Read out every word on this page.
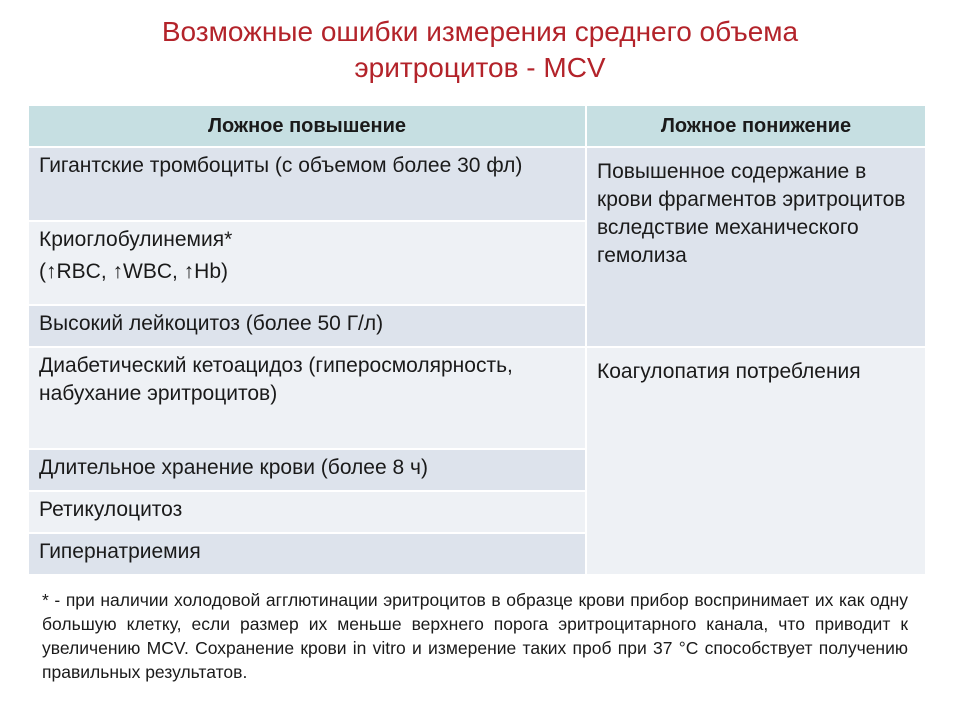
Возможные ошибки измерения среднего объема
эритроцитов - MCV
Ложное повышение	Ложное понижение
Гигантские тромбоциты (с объемом более 30 фл)	Повышенное содержание в крови фрагментов эритроцитов вследствие механического гемолиза
Криоглобулинемия*
(↑RBC, ↑WBC, ↑Hb)	

Высокий лейкоцитоз (более 50 Г/л)	
Диабетический кетоацидоз (гиперосмолярность, набухание эритроцитов)	Коагулопатия потребления
Длительное хранение крови (более 8 ч)	
Ретикулоцитоз	
Гипернатриемия	
* - при наличии холодовой агглютинации эритроцитов в образце крови прибор воспринимает их как одну большую клетку, если размер их меньше верхнего порога эритроцитарного канала, что приводит к увеличению MCV. Сохранение крови in vitro и измерение таких проб при 37 °С способствует получению правильных результатов.
